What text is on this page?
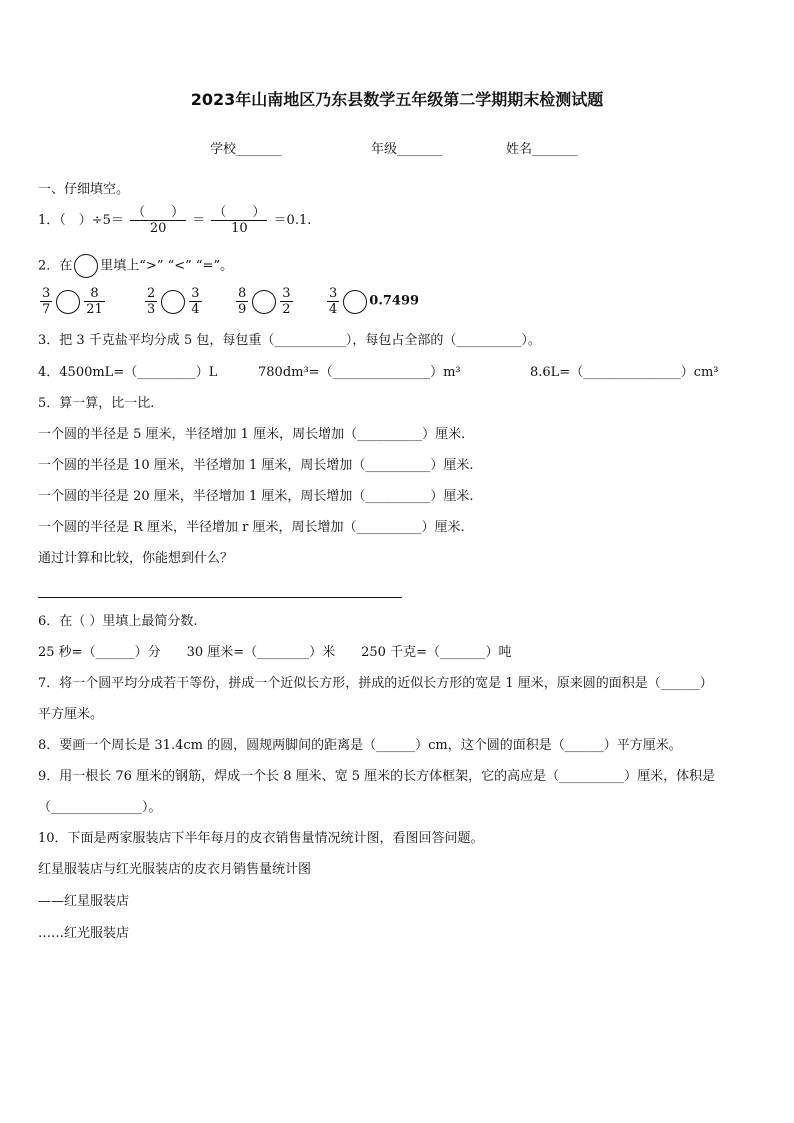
2023年山南地区乃东县数学五年级第二学期期末检测试题
学校_______	年级_______	姓名_______
一、仔细填空。
1．（　）$\div 5= \frac{( )}{20} = \frac{( )}{10} =0.1$.
2．在 里填上“>” “<” “=”。
$\frac{3}{7} \frac{8}{21}$	$\frac{2}{3} \frac{3}{4}$	$\frac{8}{9} \frac{3}{2}$	$\frac{3}{4} 0.7499$
3．把 3 千克盐平均分成 5 包，每包重（___________），每包占全部的（__________）。
4．4500mL=（_________）L	780dm³=（_______________）m³	8.6L=（_______________）cm³
5．算一算，比一比.
一个圆的半径是 5 厘米，半径增加 1 厘米，周长增加（__________）厘米.
一个圆的半径是 10 厘米，半径增加 1 厘米，周长增加（__________）厘米.
一个圆的半径是 20 厘米，半径增加 1 厘米，周长增加（__________）厘米.
一个圆的半径是 R 厘米，半径增加 r 厘米，周长增加（__________）厘米.
通过计算和比较，你能想到什么？
6．在（ ）里填上最简分数.
25 秒=（______）分　　30 厘米=（________）米　　250 千克=（_______）吨
7．将一个圆平均分成若干等份，拼成一个近似长方形，拼成的近似长方形的宽是 1 厘米，原来圆的面积是（______）
平方厘米。
8．要画一个周长是 31.4cm 的圆，圆规两脚间的距离是（______）cm，这个圆的面积是（______）平方厘米。
9．用一根长 76 厘米的钢筋，焊成一个长 8 厘米、宽 5 厘米的长方体框架，它的高应是（__________）厘米，体积是
（______________）。
10．下面是两家服装店下半年每月的皮衣销售量情况统计图，看图回答问题。
红星服装店与红光服装店的皮衣月销售量统计图
——红星服装店
……红光服装店
